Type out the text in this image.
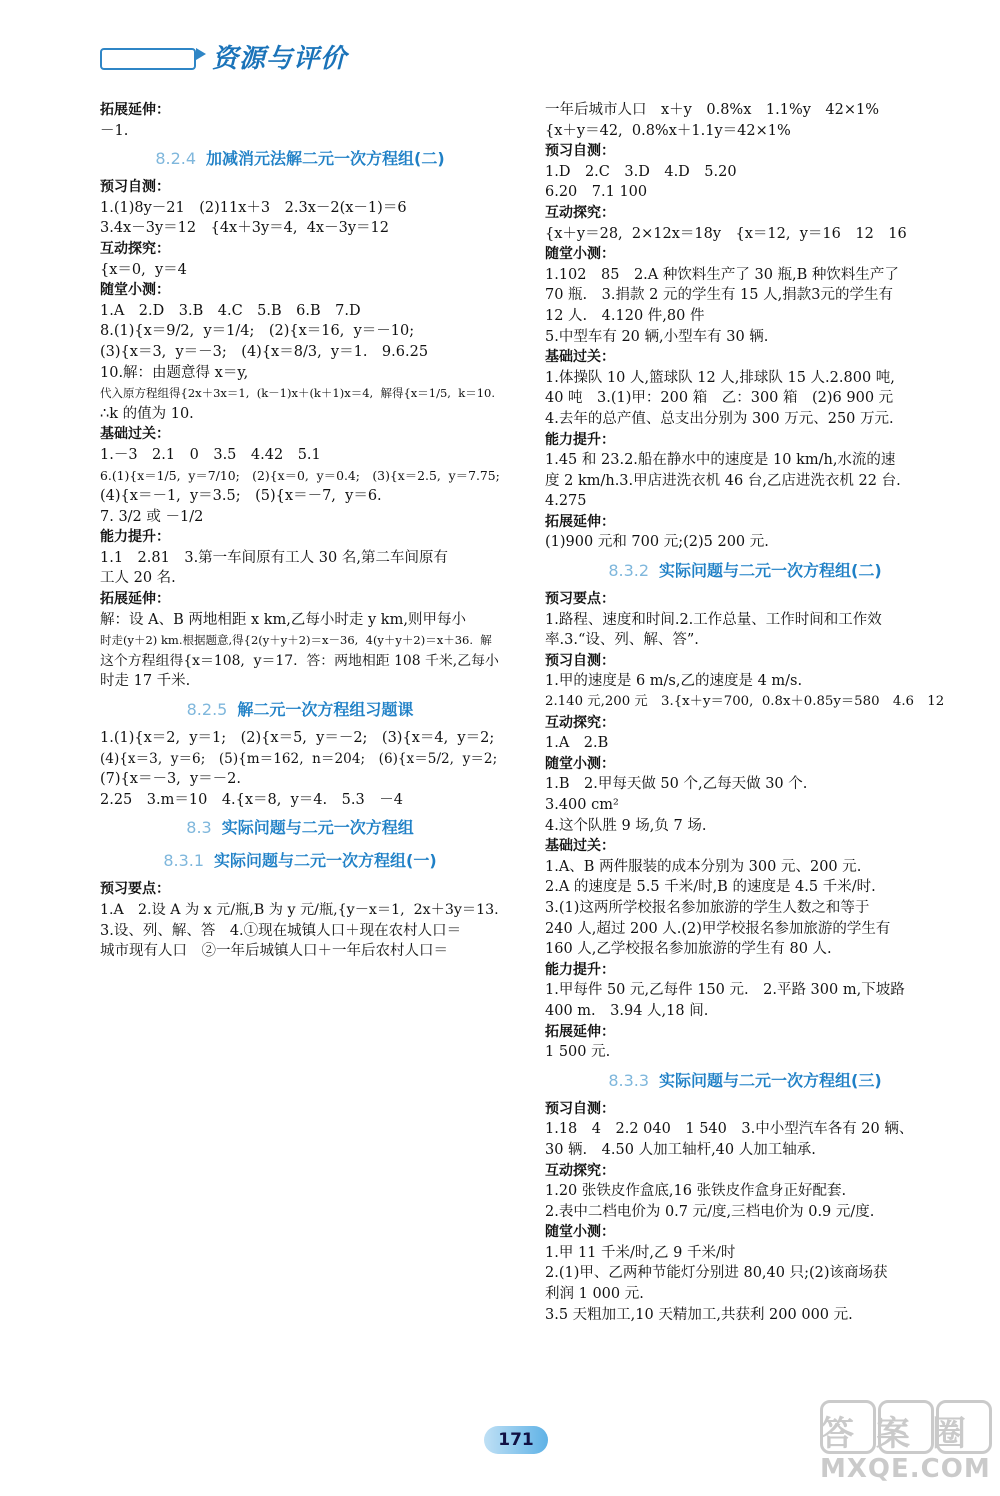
资源与评价
拓展延伸：
－1.
8.2.4 加减消元法解二元一次方程组(二)
预习自测：
1.(1)8y－21　(2)11x＋3　2.3x－2(x－1)＝6
3.4x－3y＝12　{4x＋3y＝4,  4x－3y＝12
互动探究：
{x＝0,  y＝4
随堂小测：
1.A　2.D　3.B　4.C　5.B　6.B　7.D
8.(1){x＝9/2,  y＝1/4;　(2){x＝16,  y＝－10;
(3){x＝3,  y＝－3;　(4){x＝8/3,  y＝1.　9.6.25
10.解：由题意得 x＝y,
代入原方程组得{2x＋3x＝1,  (k－1)x＋(k＋1)x＝4,  解得{x＝1/5,  k＝10.
∴k 的值为 10.
基础过关：
1.－3　2.1　0　3.5　4.42　5.1
6.(1){x＝1/5,  y＝7/10;　(2){x＝0,  y＝0.4;　(3){x＝2.5,  y＝7.75;
(4){x＝－1,  y＝3.5;　(5){x＝－7,  y＝6.
7. 3/2 或 －1/2
能力提升：
1.1　2.81　3.第一车间原有工人 30 名,第二车间原有
工人 20 名.
拓展延伸：
解：设 A、B 两地相距 x km,乙每小时走 y km,则甲每小
时走(y＋2) km.根据题意,得{2(y＋y＋2)＝x－36,  4(y＋y＋2)＝x＋36.  解
这个方程组得{x＝108,  y＝17.  答：两地相距 108 千米,乙每小
时走 17 千米.
8.2.5 解二元一次方程组习题课
1.(1){x＝2,  y＝1;　(2){x＝5,  y＝－2;　(3){x＝4,  y＝2;
(4){x＝3,  y＝6;　(5){m＝162,  n＝204;　(6){x＝5/2,  y＝2;
(7){x＝－3,  y＝－2.
2.25　3.m＝10　4.{x＝8,  y＝4.　5.3　－4
8.3 实际问题与二元一次方程组
8.3.1 实际问题与二元一次方程组(一)
预习要点：
1.A　2.设 A 为 x 元/瓶,B 为 y 元/瓶,{y－x＝1,  2x＋3y＝13.
3.设、列、解、答　4.①现在城镇人口＋现在农村人口＝
城市现有人口　②一年后城镇人口＋一年后农村人口＝
一年后城市人口　x＋y　0.8%x　1.1%y　42×1%
{x＋y＝42,  0.8%x＋1.1y＝42×1%
预习自测：
1.D　2.C　3.D　4.D　5.20
6.20　7.1 100
互动探究：
{x＋y＝28,  2×12x＝18y　{x＝12,  y＝16　12　16
随堂小测：
1.102　85　2.A 种饮料生产了 30 瓶,B 种饮料生产了
70 瓶.　3.捐款 2 元的学生有 15 人,捐款3元的学生有
12 人.　4.120 件,80 件
5.中型车有 20 辆,小型车有 30 辆.
基础过关：
1.体操队 10 人,篮球队 12 人,排球队 15 人.2.800 吨,
40 吨　3.(1)甲：200 箱　乙：300 箱　(2)6 900 元
4.去年的总产值、总支出分别为 300 万元、250 万元.
能力提升：
1.45 和 23.2.船在静水中的速度是 10 km/h,水流的速
度 2 km/h.3.甲店进洗衣机 46 台,乙店进洗衣机 22 台.
4.275
拓展延伸：
(1)900 元和 700 元;(2)5 200 元.
8.3.2 实际问题与二元一次方程组(二)
预习要点：
1.路程、速度和时间.2.工作总量、工作时间和工作效
率.3.“设、列、解、答”.
预习自测：
1.甲的速度是 6 m/s,乙的速度是 4 m/s.
2.140 元,200 元　3.{x＋y＝700,  0.8x＋0.85y＝580　4.6　12
互动探究：
1.A　2.B
随堂小测：
1.B　2.甲每天做 50 个,乙每天做 30 个.
3.400 cm²
4.这个队胜 9 场,负 7 场.
基础过关：
1.A、B 两件服装的成本分别为 300 元、200 元.
2.A 的速度是 5.5 千米/时,B 的速度是 4.5 千米/时.
3.(1)这两所学校报名参加旅游的学生人数之和等于
240 人,超过 200 人.(2)甲学校报名参加旅游的学生有
160 人,乙学校报名参加旅游的学生有 80 人.
能力提升：
1.甲每件 50 元,乙每件 150 元.　2.平路 300 m,下坡路
400 m.　3.94 人,18 间.
拓展延伸：
1 500 元.
8.3.3 实际问题与二元一次方程组(三)
预习自测：
1.18　4　2.2 040　1 540　3.中小型汽车各有 20 辆、
30 辆.　4.50 人加工轴杆,40 人加工轴承.
互动探究：
1.20 张铁皮作盒底,16 张铁皮作盒身正好配套.
2.表中二档电价为 0.7 元/度,三档电价为 0.9 元/度.
随堂小测：
1.甲 11 千米/时,乙 9 千米/时
2.(1)甲、乙两种节能灯分别进 80,40 只;(2)该商场获
利润 1 000 元.
3.5 天粗加工,10 天精加工,共获利 200 000 元.
171	答案圈
MXQE.COM
